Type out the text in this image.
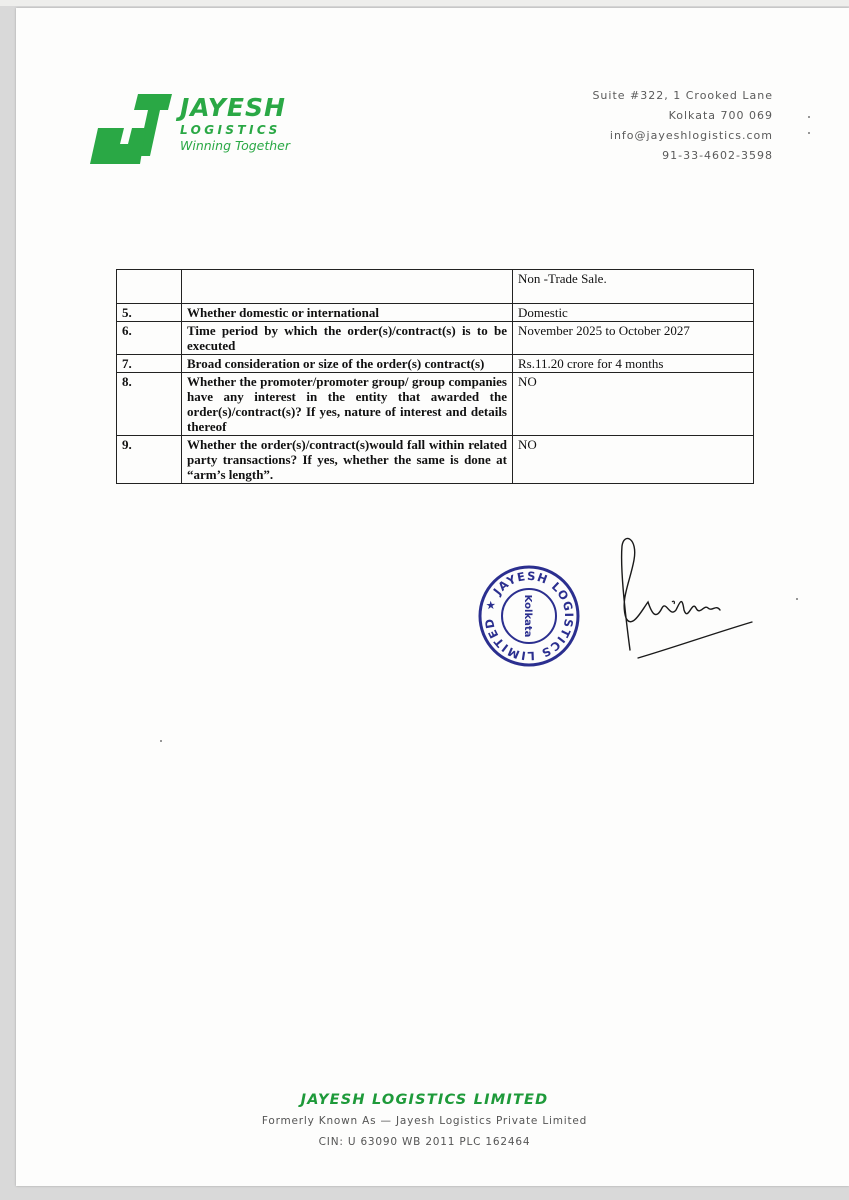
JAYESH
LOGISTICS
Winning Together
Suite #322, 1 Crooked Lane
Kolkata 700 069
info@jayeshlogistics.com
91-33-4602-3598
		Non -Trade Sale.
5.	Whether domestic or international	Domestic
6.	Time period by which the order(s)/contract(s) is to be executed	November 2025 to October 2027
7.	Broad consideration or size of the order(s) contract(s)	Rs.11.20 crore for 4 months
8.	Whether the promoter/promoter group/ group companies have any interest in the entity that awarded the order(s)/contract(s)? If yes, nature of interest and details thereof	NO
9.	Whether the order(s)/contract(s)would fall within related party transactions? If yes, whether the same is done at “arm’s length”.	NO
★ JAYESH LOGISTICS LIMITED	Kolkata
JAYESH LOGISTICS LIMITED
Formerly Known As — Jayesh Logistics Private Limited
CIN: U 63090 WB 2011 PLC 162464
